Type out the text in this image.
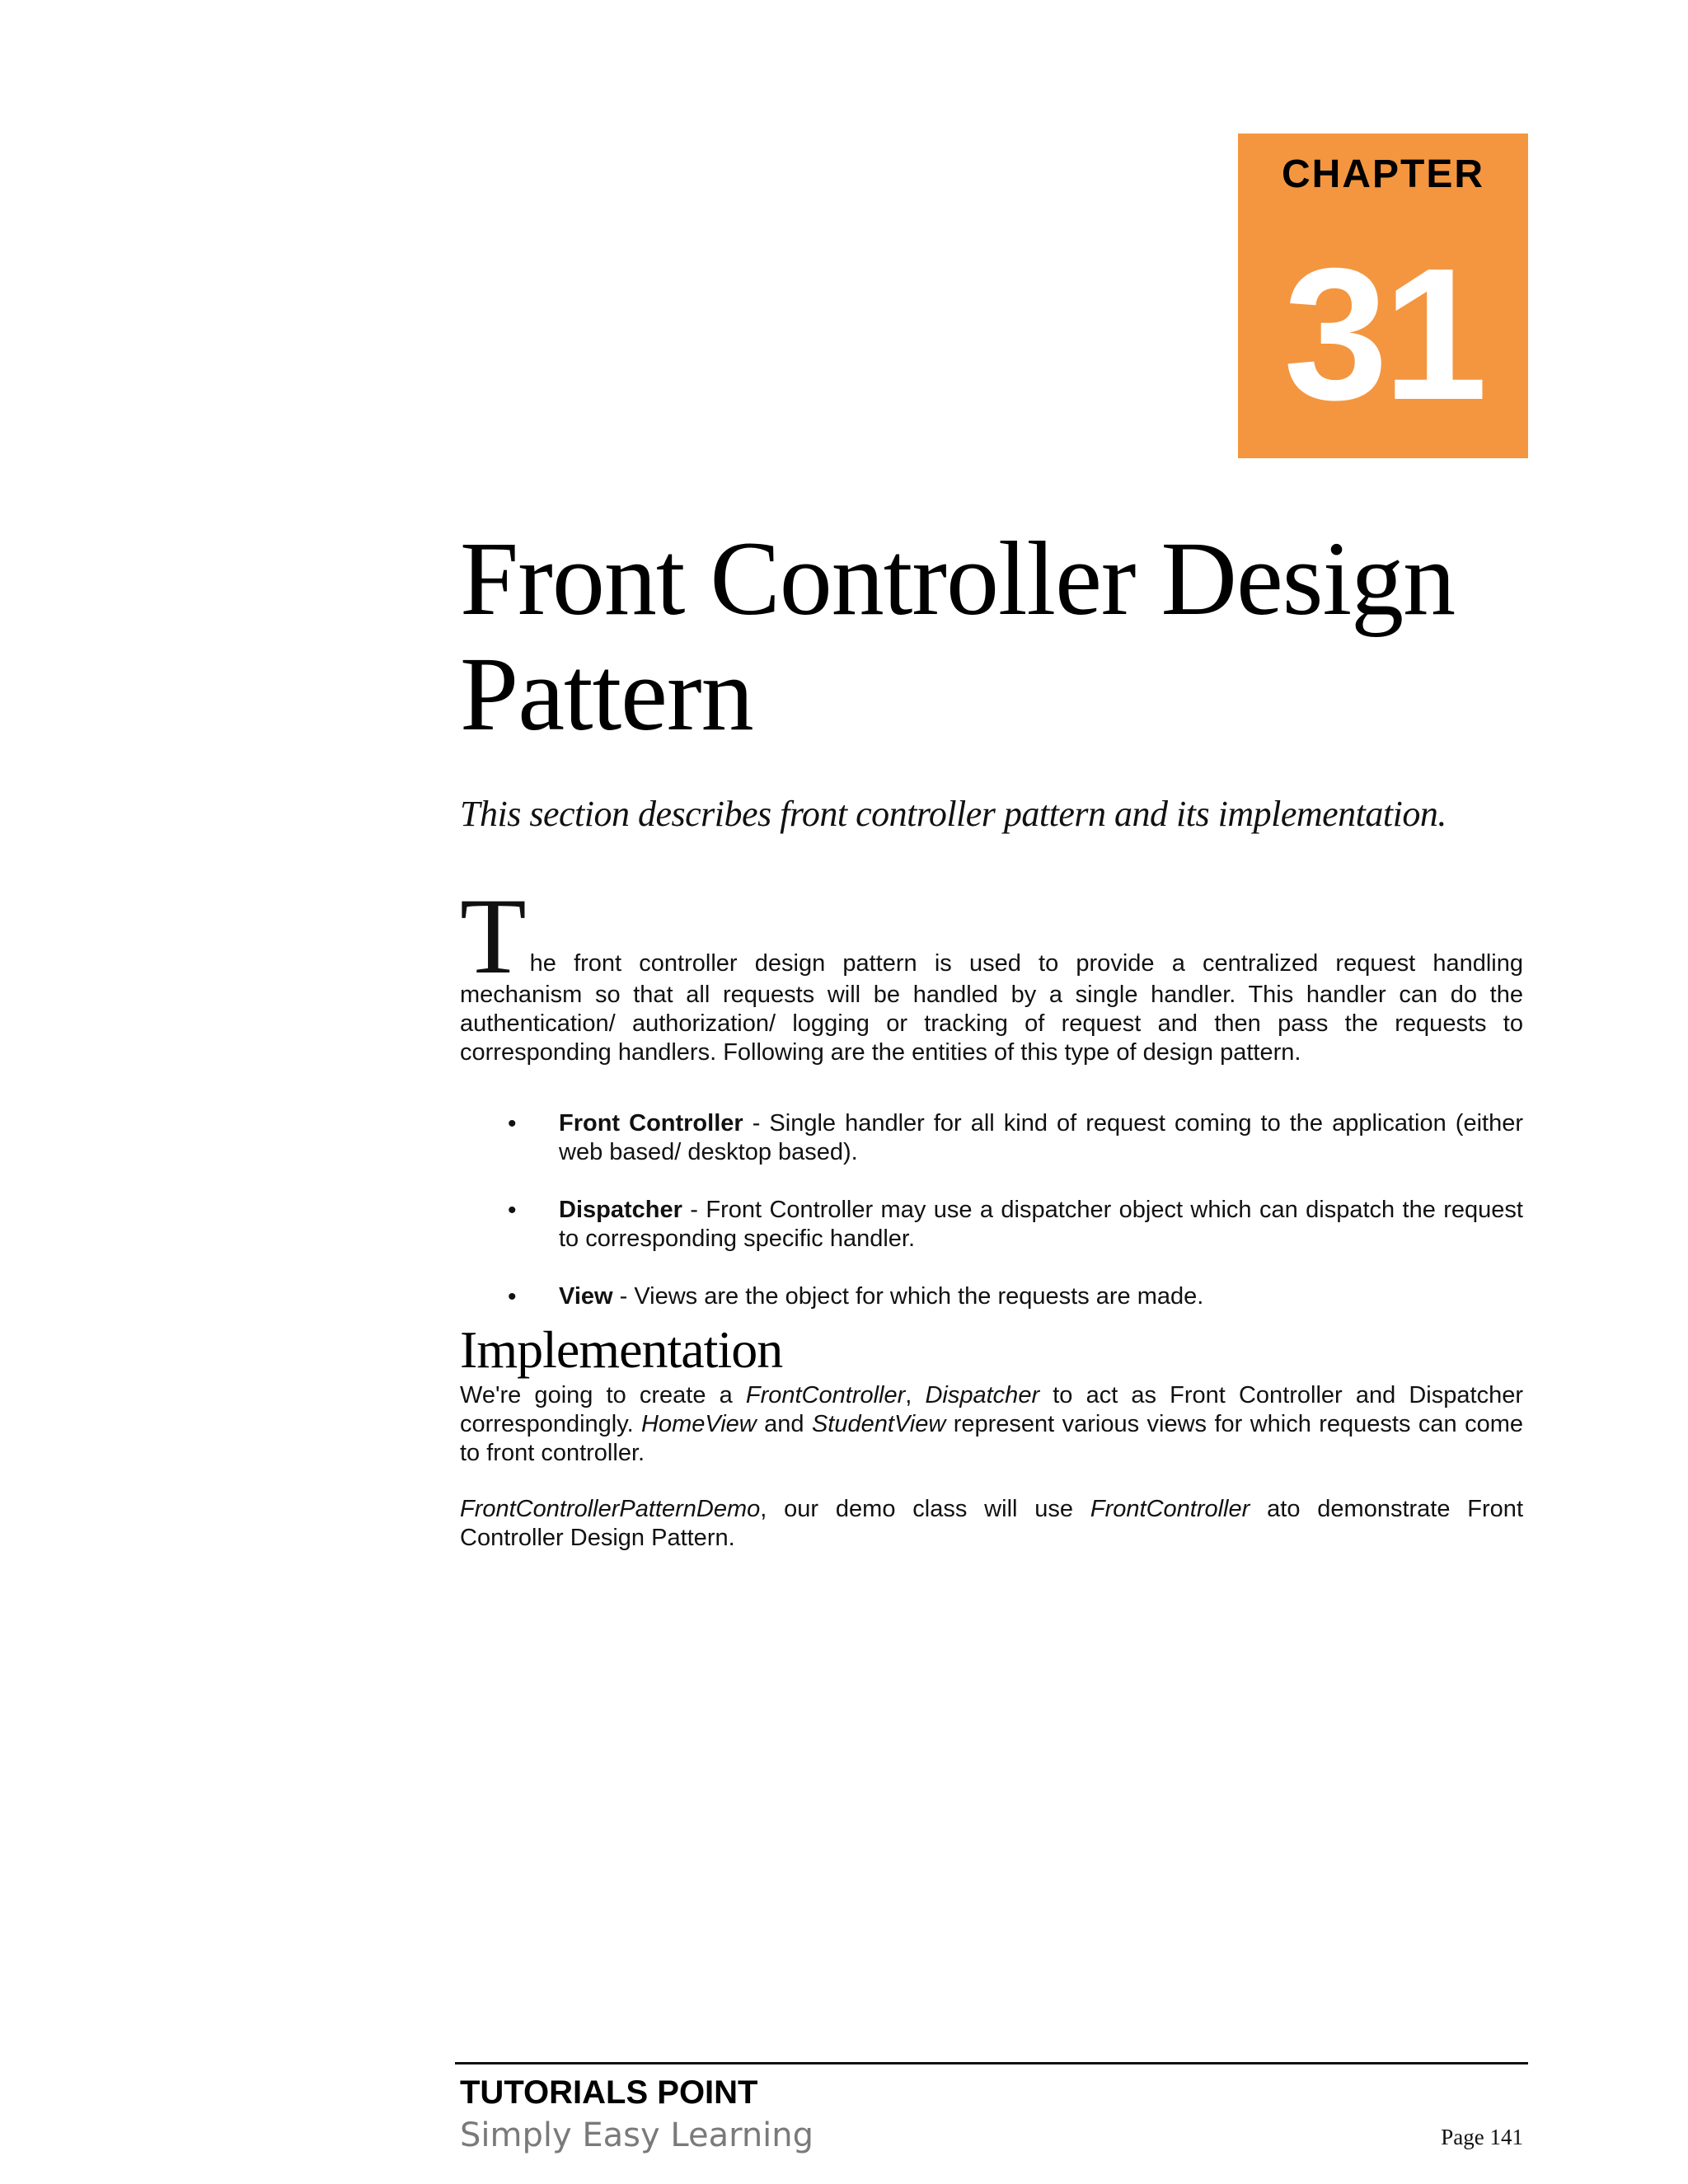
CHAPTER
31
Front Controller Design Pattern
This section describes front controller pattern and its implementation.
T he front controller design pattern is used to provide a centralized request handling
mechanism so that all requests will be handled by a single handler. This handler can do the authentication/ authorization/ logging or tracking of request and then pass the requests to corresponding handlers. Following are the entities of this type of design pattern.
• Front Controller - Single handler for all kind of request coming to the application (either web based/ desktop based).
• Dispatcher - Front Controller may use a dispatcher object which can dispatch the request to corresponding specific handler.
• View - Views are the object for which the requests are made.
Implementation
We're going to create a FrontController, Dispatcher to act as Front Controller and Dispatcher correspondingly. HomeView and StudentView represent various views for which requests can come to front controller.
FrontControllerPatternDemo, our demo class will use FrontController ato demonstrate Front Controller Design Pattern.
TUTORIALS POINT
Simply Easy Learning	Page 141
